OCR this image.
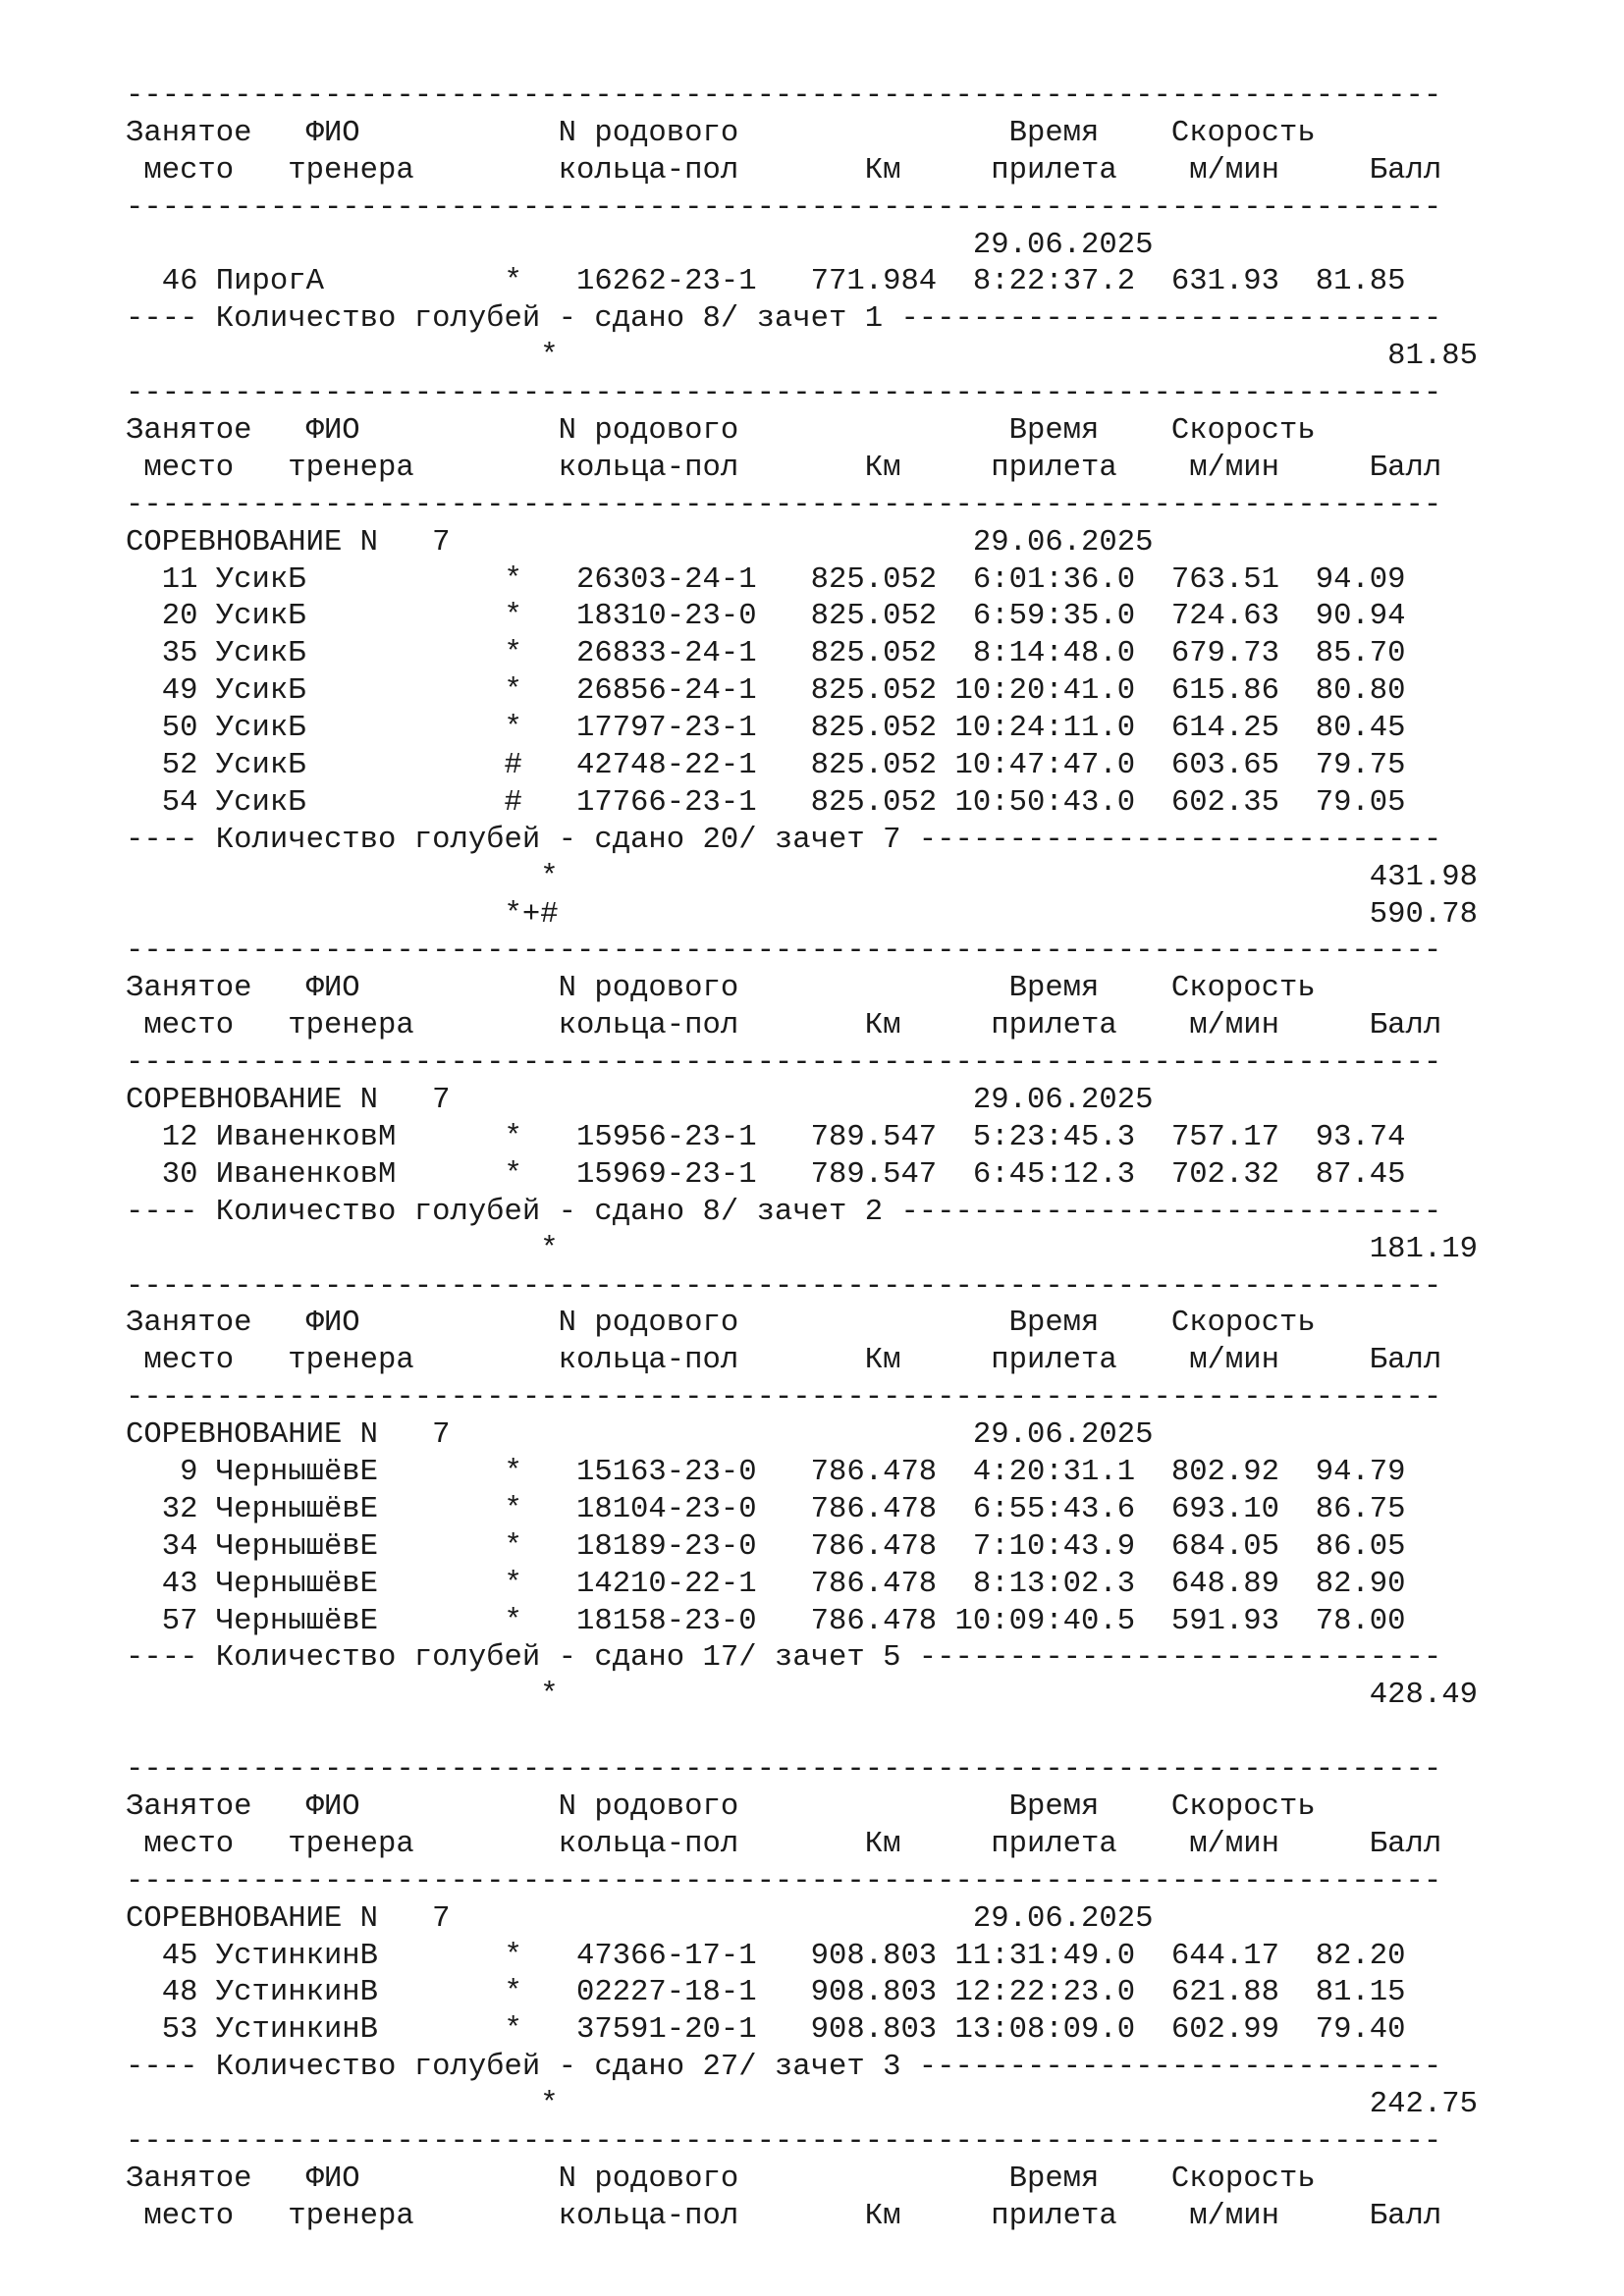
-------------------------------------------------------------------------
Занятое   ФИО           N родового               Время    Скорость
место   тренера        кольца-пол       Км     прилета    м/мин     Балл
-------------------------------------------------------------------------
29.06.2025
46 ПирогА          *   16262-23-1   771.984  8:22:37.2  631.93  81.85
---- Количество голубей - сдано 8/ зачет 1 ------------------------------
*                                              81.85
-------------------------------------------------------------------------
Занятое   ФИО           N родового               Время    Скорость
место   тренера        кольца-пол       Км     прилета    м/мин     Балл
-------------------------------------------------------------------------
СОРЕВНОВАНИЕ N   7                             29.06.2025
11 УсикБ           *   26303-24-1   825.052  6:01:36.0  763.51  94.09
20 УсикБ           *   18310-23-0   825.052  6:59:35.0  724.63  90.94
35 УсикБ           *   26833-24-1   825.052  8:14:48.0  679.73  85.70
49 УсикБ           *   26856-24-1   825.052 10:20:41.0  615.86  80.80
50 УсикБ           *   17797-23-1   825.052 10:24:11.0  614.25  80.45
52 УсикБ           #   42748-22-1   825.052 10:47:47.0  603.65  79.75
54 УсикБ           #   17766-23-1   825.052 10:50:43.0  602.35  79.05
---- Количество голубей - сдано 20/ зачет 7 -----------------------------
*                                             431.98
*+#                                             590.78
-------------------------------------------------------------------------
Занятое   ФИО           N родового               Время    Скорость
место   тренера        кольца-пол       Км     прилета    м/мин     Балл
-------------------------------------------------------------------------
СОРЕВНОВАНИЕ N   7                             29.06.2025
12 ИваненковМ      *   15956-23-1   789.547  5:23:45.3  757.17  93.74
30 ИваненковМ      *   15969-23-1   789.547  6:45:12.3  702.32  87.45
---- Количество голубей - сдано 8/ зачет 2 ------------------------------
*                                             181.19
-------------------------------------------------------------------------
Занятое   ФИО           N родового               Время    Скорость
место   тренера        кольца-пол       Км     прилета    м/мин     Балл
-------------------------------------------------------------------------
СОРЕВНОВАНИЕ N   7                             29.06.2025
9 ЧернышёвЕ       *   15163-23-0   786.478  4:20:31.1  802.92  94.79
32 ЧернышёвЕ       *   18104-23-0   786.478  6:55:43.6  693.10  86.75
34 ЧернышёвЕ       *   18189-23-0   786.478  7:10:43.9  684.05  86.05
43 ЧернышёвЕ       *   14210-22-1   786.478  8:13:02.3  648.89  82.90
57 ЧернышёвЕ       *   18158-23-0   786.478 10:09:40.5  591.93  78.00
---- Количество голубей - сдано 17/ зачет 5 -----------------------------
*                                             428.49
-------------------------------------------------------------------------
Занятое   ФИО           N родового               Время    Скорость
место   тренера        кольца-пол       Км     прилета    м/мин     Балл
-------------------------------------------------------------------------
СОРЕВНОВАНИЕ N   7                             29.06.2025
45 УстинкинВ       *   47366-17-1   908.803 11:31:49.0  644.17  82.20
48 УстинкинВ       *   02227-18-1   908.803 12:22:23.0  621.88  81.15
53 УстинкинВ       *   37591-20-1   908.803 13:08:09.0  602.99  79.40
---- Количество голубей - сдано 27/ зачет 3 -----------------------------
*                                             242.75
-------------------------------------------------------------------------
Занятое   ФИО           N родового               Время    Скорость
место   тренера        кольца-пол       Км     прилета    м/мин     Балл
